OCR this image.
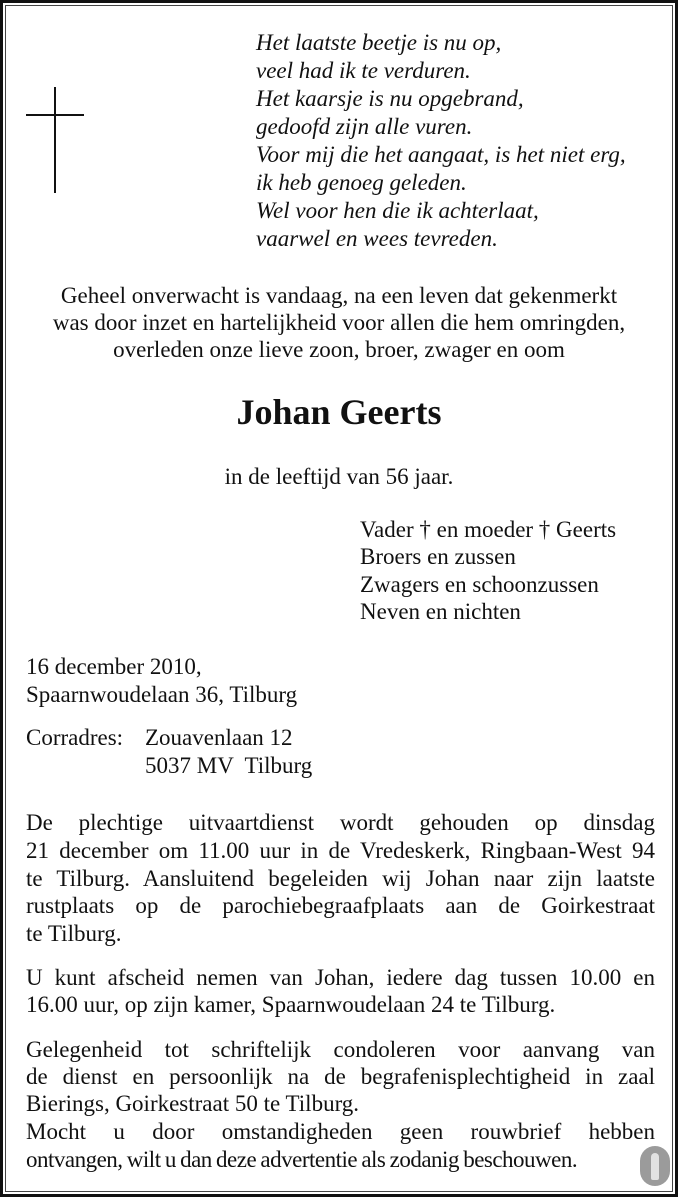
Het laatste beetje is nu op,
veel had ik te verduren.
Het kaarsje is nu opgebrand,
gedoofd zijn alle vuren.
Voor mij die het aangaat, is het niet erg,
ik heb genoeg geleden.
Wel voor hen die ik achterlaat,
vaarwel en wees tevreden.
Geheel onverwacht is vandaag, na een leven dat gekenmerkt
was door inzet en hartelijkheid voor allen die hem omringden,
overleden onze lieve zoon, broer, zwager en oom
Johan Geerts
in de leeftijd van 56 jaar.
Vader † en moeder † Geerts
Broers en zussen
Zwagers en schoonzussen
Neven en nichten
16 december 2010,
Spaarnwoudelaan 36, Tilburg
Corradres: Zouavenlaan 12
5037 MV  Tilburg
De plechtige uitvaartdienst wordt gehouden op dinsdag
21 december om 11.00 uur in de Vredeskerk, Ringbaan-West 94
te Tilburg. Aansluitend begeleiden wij Johan naar zijn laatste
rustplaats op de parochiebegraafplaats aan de Goirkestraat
te Tilburg.
U kunt afscheid nemen van Johan, iedere dag tussen 10.00 en
16.00 uur, op zijn kamer, Spaarnwoudelaan 24 te Tilburg.
Gelegenheid tot schriftelijk condoleren voor aanvang van
de dienst en persoonlijk na de begrafenisplechtigheid in zaal
Bierings, Goirkestraat 50 te Tilburg.
Mocht u door omstandigheden geen rouwbrief hebben
ontvangen, wilt u dan deze advertentie als zodanig beschouwen.
